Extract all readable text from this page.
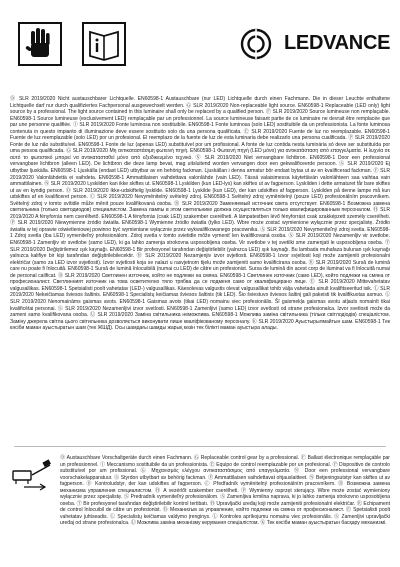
LEDVANCE
Ⓓ SLR 2019/2020 Nicht austauschbarer Lichtquelle. EN60598-1 Austauschbare (nur LED) Lichtquelle durch einen Fachmann. Die in dieser Leuchte enthaltene Lichtquelle darf nur durch qualifiziertes Fachpersonal ausgewechselt werden. Ⓖ SLR 2019/2020 Non-replaceable light source. EN60598-1 Replaceable (LED only) light source by a professional. The light source contained in this luminaire shall only be replaced by a qualified person. Ⓕ SLR 2019/2020 Source lumineuse non remplaçable. EN60598-1 Source lumineuse (exclusivement LED) remplaçable par un professionnel. La source lumineuse faisant partie de ce luminaire ne devrait être remplacée que par une personne qualifiée. Ⓘ SLR 2019/2020 Fonte luminosa non sostituibile. EN60598-1 Fonte luminosa (solo LED) sostituibile da un professionista. La fonte luminosa contenuta in questo impianto di illuminazione deve essere sostituito solo da una persona qualificata. Ⓔ SLR 2019/2020 Fuente de luz no reemplazable. EN60598-1 Fuente de luz reemplazable (solo LED) por un profesional. El reemplazo de la fuente de luz de esta luminaria debe realizarlo una persona cualificada. Ⓟ SLR 2019/2020 Fonte de luz não substituível. EN60598-1 Fonte de luz (apenas LED) substituível por um profissional. A fonte de luz contida nesta luminária só deve ser substituída por uma pessoa qualificada. Ⓖ SLR 2019/2020 Μη αντικαταστάσιμη φωτεινή πηγή. EN60598-1 Φωτεινή πηγή (LED μόνο) για αντικατάσταση από επαγγελματία. Η λυχνία σε αυτό το φωτιστικό μπορεί να αντικατασταθεί μόνο από εξειδικευμένο τεχνικό. Ⓝ SLR 2019/2020 Niet vervangbare lichtbron. EN60598-1 Door een professional vervangbare lichtbron (alleen LED). De lichtbron die deze lamp bevat, mag uitsluitend worden vervangen door een gekwalificeerde persoon. Ⓢ SLR 2019/2020 Ej utbytbar ljuskälla. EN60598-1 Ljuskälla (endast LED) utbytbar av en behörig fackman. Ljuskällan i denna armatur bör endast bytas ut av en kvalificerad fackman. Ⓕ SLR 2019/2020 Valonlähdettä ei vaihdeta. EN60598-1 Ammattilaisen vaihdettava valonlähde (vain LED). Tässä valaisimessa käytettävän valonlähteen saa vaihtaa vain ammattilainen. Ⓝ SLR 2019/2020 Lyskilden kan ikke skiftes ut. EN60598-1 Lyskilden (kun LED-lys) kan skiftes ut av fagperson. Lyskilden i dette armaturet får bare skiftes ut av en kyndig person. Ⓓ SLR 2019/2020 Ikke-udskiftelig lyskilde. EN60598-1 Lyskilde (kun LED), der kan udskiftes af fagperson. Lyskilden på denne lampe må kun udskiftes af en kvalificeret person. Ⓒ SLR 2019/2020 Nevyměnitelný světelný zdroj. EN60598-1 Světelný zdroj vyměnitelný (pouze LED) profesionálním pracovníkem. Světelný zdroj v tomto svítidle může měnit pouze kvalifikovaná osoba. Ⓡ SLR 2019/2020 Заменяемый источник света отсутствует. EN60598-1 Возможна замена светильника (только светодиодов) специалистом. Замена лампы в этом светильнике должна осуществляться только квалифицированным персоналом. Ⓗ SLR 2019/2020 A fényforrás nem cserélhető. EN60598-1 A fényforrás (csak LED) szakember cserélheti. A lámpatestben lévő fényforrást csak szakképzett személy cserélheti. Ⓟ SLR 2019/2020 Niewymienne źródło światła. EN60598-1 Wymienne źródło światła (tylko LED). Wbre może zostać wymienione wyłącznie przez specjalistę. Źródło światła w tej oprawie oświetleniowej powinno być wymieniane wyłącznie przez wykwalifikowanego pracownika. Ⓢ SLR 2019/2020 Nevymeniteľný zdroj svetla. EN60598-1 Zdroj svetla (iba LED) vymeniteľný profesionálom. Zdroj svetla v tomto svietidle môže vymeniť len kvalifikovaná osoba. Ⓢ SLR 2019/2020 Nezamenljiv vir svetlobe. EN60598-1 Zamenljiv vir svetlobe (samo LED), ki ga lahko zamenja strokovna usposobljena oseba. Vir svetlobe v tej svetilki sme zamenjati le usposobljena oseba. Ⓣ SLR 2019/2020 Değiştirilemez ışık kaynağı. EN60598-1 Bir profesyonel tarafından değiştirilebilir (yalnızca LED) ışık kaynağı. Bu lambada muhafaza bulunan ışık kaynağı yalnızca kalifiye bir kişi tarafından değiştirilebilecektir. Ⓗ SLR 2019/2020 Nezamjenjiv izvor svjetlosti. EN60598-1 Izvor svjetlosti koji može zamijeniti profesionalni električar (samo za LED izvor svjetlosti). Izvor svjetlosti koja se nalazi u rasvjetnom tijelu može zamijeniti samo kvalificirana osoba. Ⓡ SLR 2019/2020 Sursă de lumină care nu poate fi înlocuită. EN60598-1 Sursă de lumină înlocuibilă (numai cu LED) de către un profesionist. Sursa de lumină din acest corp de iluminat va fi înlocuită numai de personal calificat. Ⓑ SLR 2019/2020 Светлинен източник, който не подлежи на смяна. EN60598-1 Светлинен източник (само LED), който подлежи на смяна от професионалист. Светлинният източник на това осветително тяло трябва да се подменя само от квалифицирано лице. Ⓔ SLR 2019/2020 Mittevahetatav valgusallikas. EN60598-1 Spetsialisti poolt vahetatav (LED-) valgusallikas. Käesolevas valgustis olevat valgusallikat tohib välja vahetada ainult kvalifitseeritud isik. Ⓛ SLR 2019/2020 Nekeičiamas šviesos šaltinis. EN60598-1 Specialistų keičiamas šviesos šaltinis (tik LED). Šio šviestuvo šviesos šaltinį gali pakeisti tik kvalifikuotas asmuo. Ⓛ SLR 2019/2020 Nenomaināms gaismas avots. EN60598-1 Gaismas avots (tikai LED) nomainu viec profesionālis. Šī gaismekļa gaismas avotu atļauts nomainīt tikai kvalificētai personai. Ⓢ SLR 2019/2020 Nezamenljivi izvor svetlosti. EN60598-1 Zamenljivi (samo LED) izvor svetlosti od strane profesionalca. Izvor svetlosti može da zameni samo kvalifikovana osoba. Ⓤ SLR 2019/2020 Заміна світильника неможлива. EN60598-1 Можлива заміна світильника (тільки світлодіодів) спеціалістом. Заміну джерела світла цього світильника дозволяється виконувати лише кваліфікованому персоналу. Ⓚ SLR 2019/2020 Ауыстырылмайтын шам. EN60598-1 Тек кәсіби маман ауыстыратын шам (тек ЖШД). Осы шамдағы шамды жарық көзін тек білікті маман ауыстыра алады.
Ⓓ Austauschbare Vorschaltgeräte durch einen Fachmann. Ⓖ Replaceable control gear by a professional. Ⓕ Ballast électronique remplaçable par un professionnel. Ⓘ Meccanismo sostituibile da un professionista. Ⓔ Equipo de control reemplazable por un profesional. Ⓟ Dispositivo de controlo substituível por um profissional. Ⓖ Μηχανισμός ελέγχου αντικαταστάσιμος από επαγγελματία. Ⓝ Door een professional vervangbare voorschakelapparatuur. Ⓢ Styrdon utbytbart av behörig fackman. Ⓕ Ammattilaisen vaihdettavat ohjauslaitteet. Ⓝ Betjeningsutstyr kan skiftes ut av fagperson. Ⓓ Kontroludstyr, der kan udskiftes af fagperson. Ⓒ Předřadník vyměnitelný profesionálním pracovníkem. Ⓡ Возможна замена механизма управления специалистом. Ⓗ A vezérlőt szakember cserélheti. Ⓟ Wymienny osprzęt sterujący. Wbre może zostać wymieniony wyłącznie przez specjalistę. Ⓢ Predradník vymeniteľný profesionálom. Ⓢ Zamenljiva krmilna naprava, ki jo lahko zamenja strokovno usposobljena oseba. Ⓣ Bir profesyonel tarafından değiştirilebilir kontrol tertibatı. Ⓗ Upravljački uređaj koji može zamijeniti profesionalni električar. Ⓡ Echipament de control înlocuibil de către un profesionist. Ⓑ Механизъм за управление, който подлежи на смяна от професионалист. Ⓔ Spetsialisti poolt vahetatav juhtseadis. Ⓛ Specialistų keičiamas valdymo įrenginys. Ⓛ Kontroles aprīkojumu nomainu viec profesionālis. Ⓢ Zamenljivi upravljački uređaj od strane profesionalca. Ⓤ Можлива заміна механізму керування спеціалістом. Ⓚ Тек кәсіби маман ауыстыратын басқару механизмі.
